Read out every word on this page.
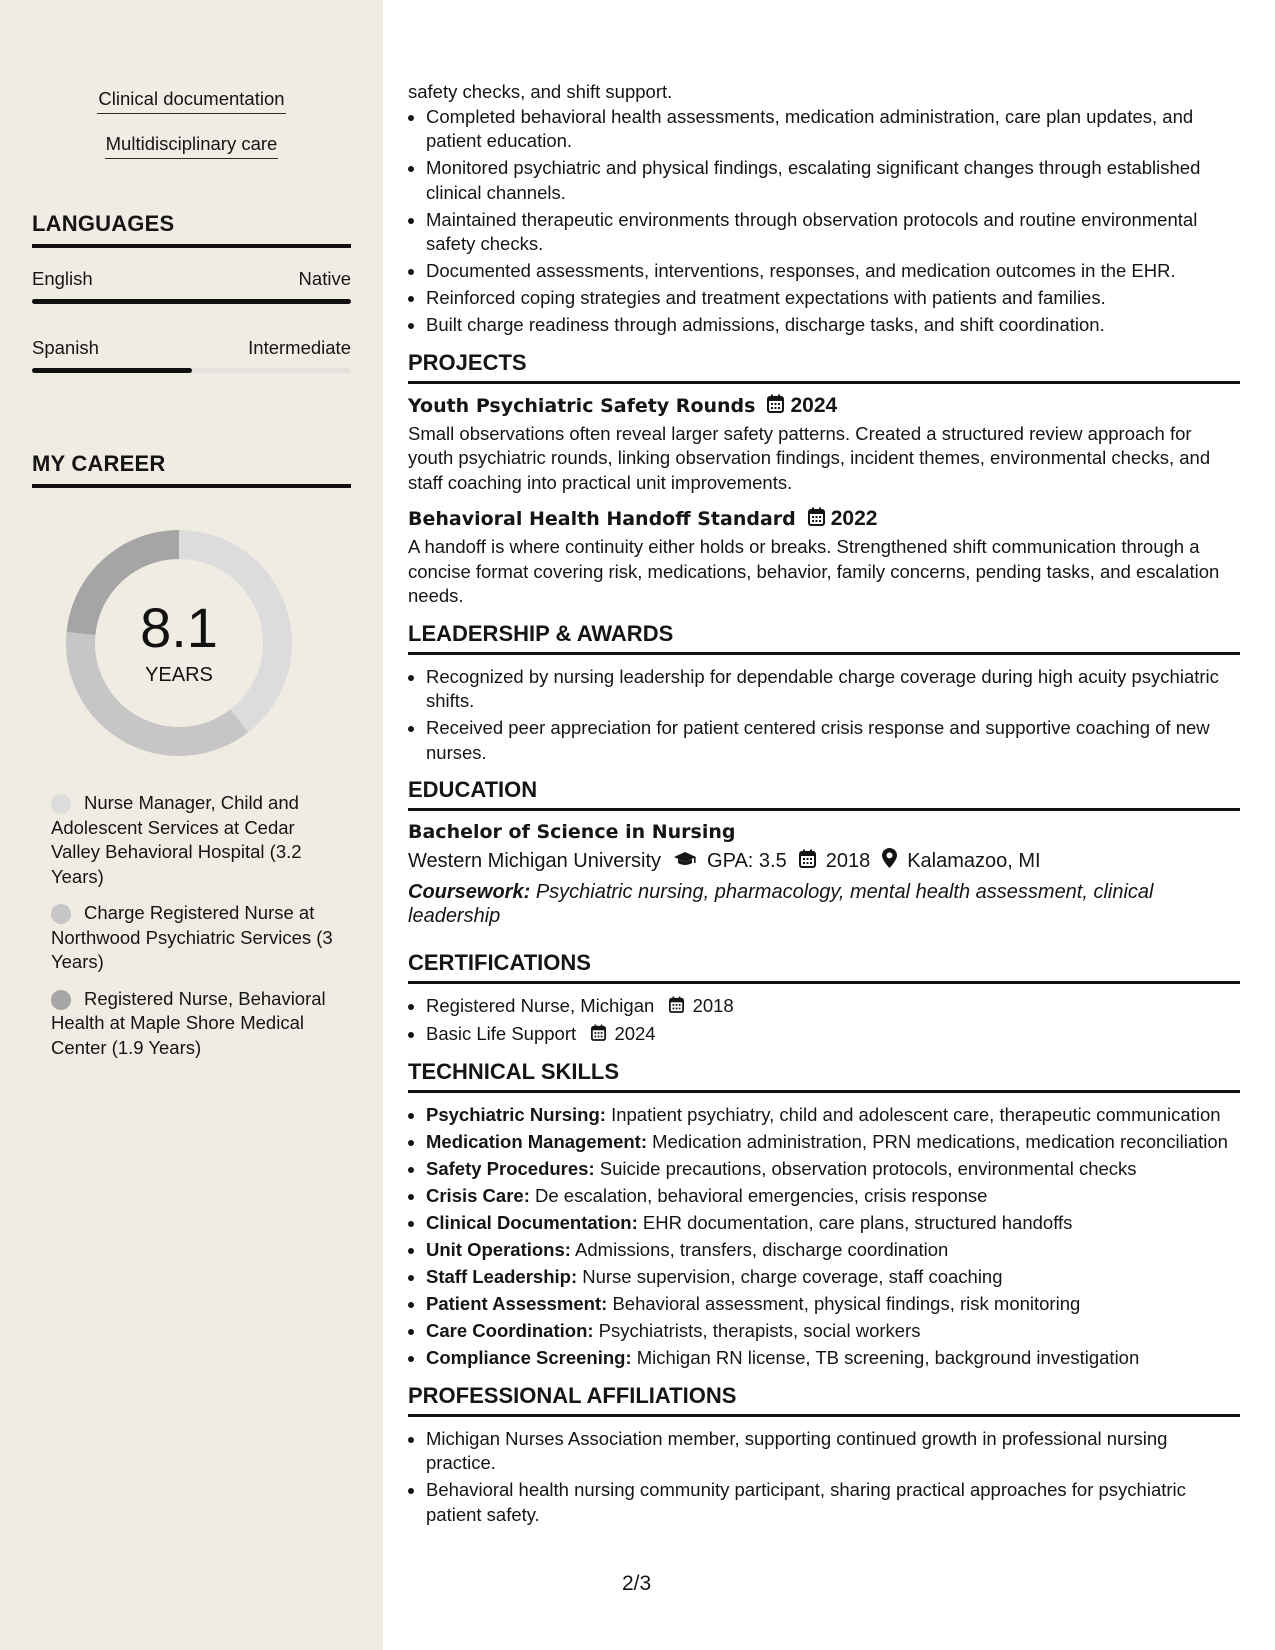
Clinical documentation
Multidisciplinary care
LANGUAGES
English	Native
Spanish	Intermediate
MY CAREER
8.1
YEARS
Nurse Manager, Child and Adolescent Services at Cedar Valley Behavioral Hospital (3.2 Years)
Charge Registered Nurse at Northwood Psychiatric Services (3 Years)
Registered Nurse, Behavioral Health at Maple Shore Medical Center (1.9 Years)
safety checks, and shift support.
Completed behavioral health assessments, medication administration, care plan updates, and patient education.
Monitored psychiatric and physical findings, escalating significant changes through established clinical channels.
Maintained therapeutic environments through observation protocols and routine environmental safety checks.
Documented assessments, interventions, responses, and medication outcomes in the EHR.
Reinforced coping strategies and treatment expectations with patients and families.
Built charge readiness through admissions, discharge tasks, and shift coordination.
PROJECTS
Youth Psychiatric Safety Rounds 2024
Small observations often reveal larger safety patterns. Created a structured review approach for youth psychiatric rounds, linking observation findings, incident themes, environmental checks, and staff coaching into practical unit improvements.
Behavioral Health Handoff Standard 2022
A handoff is where continuity either holds or breaks. Strengthened shift communication through a concise format covering risk, medications, behavior, family concerns, pending tasks, and escalation needs.
LEADERSHIP & AWARDS
Recognized by nursing leadership for dependable charge coverage during high acuity psychiatric shifts.
Received peer appreciation for patient centered crisis response and supportive coaching of new nurses.
EDUCATION
Bachelor of Science in Nursing
Western Michigan University GPA: 3.5 2018 Kalamazoo, MI
Coursework: Psychiatric nursing, pharmacology, mental health assessment, clinical leadership
CERTIFICATIONS
Registered Nurse, Michigan 2018
Basic Life Support 2024
TECHNICAL SKILLS
Psychiatric Nursing: Inpatient psychiatry, child and adolescent care, therapeutic communication
Medication Management: Medication administration, PRN medications, medication reconciliation
Safety Procedures: Suicide precautions, observation protocols, environmental checks
Crisis Care: De escalation, behavioral emergencies, crisis response
Clinical Documentation: EHR documentation, care plans, structured handoffs
Unit Operations: Admissions, transfers, discharge coordination
Staff Leadership: Nurse supervision, charge coverage, staff coaching
Patient Assessment: Behavioral assessment, physical findings, risk monitoring
Care Coordination: Psychiatrists, therapists, social workers
Compliance Screening: Michigan RN license, TB screening, background investigation
PROFESSIONAL AFFILIATIONS
Michigan Nurses Association member, supporting continued growth in professional nursing practice.
Behavioral health nursing community participant, sharing practical approaches for psychiatric patient safety.
2/3
